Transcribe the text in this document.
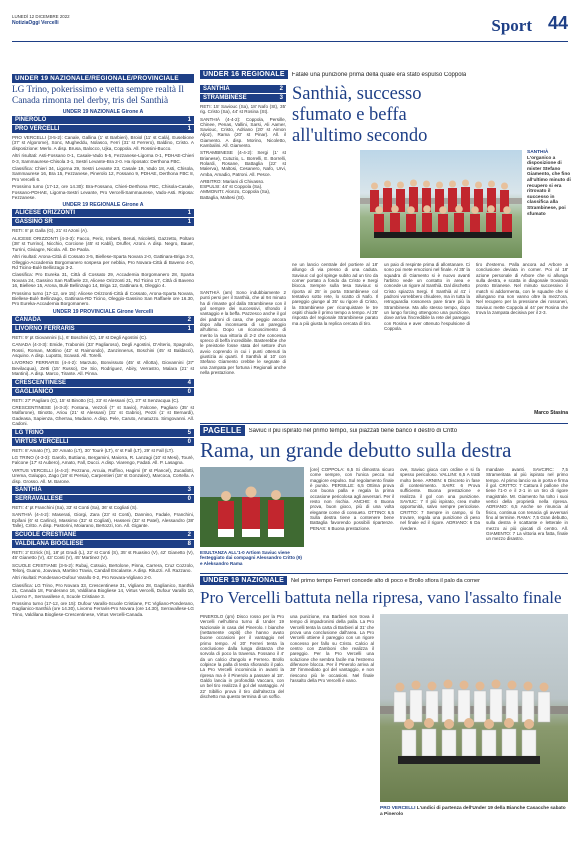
LUNEDÌ 12 DICEMBRE 2022
NotiziaOggi Vercelli	Sport 44
UNDER 19 NAZIONALE/REGIONALE/PROVINCIALE
LG Trino, pokerissimo e vetta sempre realtà Il Canada rimonta nel derby, tris del Santhià
UNDER 19 NAZIONALE Girone A
PINEROLO	1
PRO VERCELLI	1
PRO VERCELLI (3-5-2): Canale, Gallina (1' st Barbieri), Broiol (11' st Calà), Eusebione (37' st Algorome), Sonc, Mugheddu, Nolasco, Ferri (31' st Ferrero), Baldino, Cristo. A disposizione: Merlo. A disp. Brusa, Balocco, Ujka, Coppola. All. Rossini-Bucco.
Altri risultati: Asti-Fossano 0-1, Casale-Vado 5-5, Fezzanese-Ligorna 0-1, PDHAE-Chieri 0-3, Sammaurese-Chisola 3-1, Sestri Levante-Bra 2-0. Ha riposato: Derthona FBC.
Classifica: Chieri 34, Ligorna 29, Sestri Levante 23, Casale 19, Vado 18, Asti, Chisola, Sammaurese 16, Bra 15, Fezzanese, Pinerolo 12, Fossano 9, PDHAE, Derthona FBC 8, Pro Vercelli 6.
Prossimo turno (17-12, ore 14.30): Bra-Fossano, Chieri-Derthona FBC, Chisola-Casale, Fossano-PDHAE, Ligorna-Sestri Levante, Pro Vercelli-Sammaurese, Vado-Asti. Riposa: Fezzanese.
UNDER 19 REGIONALE Girone A
ALICESE ORIZZONTI	1
GASSINO SR	1
RETI: 8' pt Galla (G), 21' st Azoni (A).
ALICESE ORIZZONTI (4-3-3): Facco, Peric, Imberti, Beruti, Nicoletti, Gazzetto, Poltaro (38' st Turrino), Nicchio, Corcione (45' st Kabli), Druffer, Azoni. A disp. Negro, Bauer, Turrini, Giviagre, Nicola. All. De Paola.
Altri risultati: Arona-Città di Cossato 3-5, Biellese-Sparta Novara 2-0, Gattinara-Briga 3-3, Olleggio-Accademia Borgomanero sospesa per nebbia, Pro Novara-Città di Baveno 4-0, Rd Ticino-Bulè Bellinzago 3-2.
Classifica: Pro Eureka 31, Città di Cossato 29, Accademia Borgomanero 28, Sparta Novara 24, Gassino San Raffaele 23, Alicese Orizzonti 21, Rd Ticino 17, Città di Baveno 16, Biellese 15, Arona, Bulè Bellinzago 14, Briga 12, Gattinara 6, Oleggio 4.
Prossimo turno (17-12, ore 15): Alicese Orizzonti-Città di Cossato, Arona-Sparta Novara, Biellese-Bulè Bellinzago, Gattinara-RD Ticino, Oleggio-Gassino San Raffaele ore 16.30, Pro Eureka-Accademia Borgomanero.
UNDER 19 PROVINCIALE Girone Vercelli
CANADA	2
LIVORNO FERRARIS	1
RETI: 9' pt Giovannini (L), 6' Boschini (C), 19' st Degli Agostini (C).
CANADA (4-3-3): Emide, Trabonini (33' Pagliaroso), Degli Agostini, D'Alterio, Spagnolo, Rossi, Roman, Mottino (42' st Raimondo), Zanzinnerus, Boschini (45' st Baldacci), Asquino. A disp. Lupotto, Scavati. All. Torelli.
LIVORNO FERRARIS (4-4-2): Marzuto, Bonvissuto (45' st Allotta), Giovannini (37' Bevilacqua), Zetti (15' Russo), De Sio, Rodriguez, Abiry, Verrastro, Malara (21' st Mantini). A disp. Marco, Tirante. All. Pinna.
CRESCENTINESE	4
GAGLIANICO	0
RETI: 27' Pagliaro (C), 15' st Binotto (C), 23' st Alessani (C), 27' st Senzacqua (C).
CRESCENTINESE (4-3-3): Fontana, Vezzoli (7' st Savio), Falcone, Pagliaro (35' st Malfarone), Binotto, Ariou (21' st Alessani) (31' st Gabrio), Pezzi (1' st Bernardi), Gadeasa, Sapienza, Gherrau, Mudano. A disp. Pele, Caruto, Amatuzzo. Simgovanni. All. Cadoni.
LG TRINO	5
VIRTUS VERCELLI	0
RETI: 8' Amato (T), 20' Amato (LT), 30' Tourè (LT), 6' st Fall (LT), 29' st Fall (LT).
LG TRINO (4-3-3): Garofo, Buttiano, Bergamini, Maiorra, R. Lanzagi (10' st Mesi), Tourè, Falcone (17' st Aubero), Amato, Fall, Ducci. A disp. Viarengo, Fadati. All. P. Lasagna.
VIRTUS VERCELLI (4-4-2): Pezzano, Arcuia, Ruffino, Hagimi (8' st Plancel), Zucadotti, Urema, Galuppo, Zago (18' st Persia), Carpentieri (18' st Gonzalez), Marcoca, Cortella. A disp. Grosso. All. M. Barone.
SANTHIÀ	3
SERRAVALLESE	0
RETI: 4' pt Franchini (Sa), 33' st Conti (Sa), 36' st Cogliati (S).
SANTHIÀ (4-4-2): Maserati, Giorgi, Zara (23' st Conti), Dannino, Fadale, Franchini, Epifani (6' st Carlino), Massimo (32' st Cogliati), Hasseni (32' st Patel), Alessandro (38' Talle), Critto. A disp. Pastorini, Moiarano, Bertozzi, Ion. All. Gigante.
SCUOLE CRESTIANE	2
VALDILANA BIOGLIESE	8
RETI: 2' Ezrick (S), 18' pt Gradi (L), 22' st Conti (S), 35' st Ruasino (V), 42' Gianetto (V), 45' Gianetto (V), 43' Conti (V), 45' Martinez (V).
SCUOLE CRISTIANE (3-5-2): Rubaj, Cotsuio, Bertolone, Pinna, Carrera, Cruz Cozzolo, Telonj, Guano, Jouvava, Martino Travia, Candall Escalante. A disp. Rituzzi. All. Razzano.
Altri risultati: Ponderano-Dufour Varallo 0-2, Pro Novara-Vigliano 2-0.
Classifica: LG Trino, Pro Novara 33, Crescentinese 31, Vigliano 28, Gaglianico, Santhià 21, Canada 18, Ponderano 16, Valdilana Biogliese 14, Virtus Vercelli, Dufour Varallo 10, Livorno F., Serravallese 4, Scuole Cristiane 3.
Prossimo turno (17-12, ore 15): Dufour Varallo-Scuole Cristiane, FC Vigliano-Ponderano, Gaglianico-Santhià (ore 14.30), Livorno Ferraris-Pro Novara (ore 14.30), Serravallese-LG Trino, Valdilana Biogliese-Crescentinese, Virtus Vercelli-Canada.
UNDER 16 REGIONALE	Fatale una punizione prima della quale era stato espulso Coppola
SANTHIÀ	2
STRAMBINESE	3
RETI: 15' Saviouc (Sa), 18' Nafo (St), 35' rig. Cristo (Sa), 44' st Rosina (St).
SANTHIÀ (4-4-2): Coppola, Persille, Chinee, Penas, Vallini, Sarsi, Ali Aamer, Saviouc, Cristo, Adriano (20' st Aimon Aljoz), Rama (20' st Pinar). All. il Giamento. A disp. Morino, Nicoletto, Kambalini. All. Giamento.
STRAMBINESE (4-4-2): Sergi (1' st Brianese), Cutuzio, L. Borrelli, E. Borrelli, Rolardi, Rosane, Battaglia (22' st Malerva), Maltosi, Cesanero, Nafo, Urvi, Amba, Amadio, Patroni. All. Pesce.
ARBITRO: Mariani di Chivasso.
ESPULSI: 44' st Coppola (Sa).
AMMONITI: Alonzo, Coppola (Sa), Battaglia, Maltesi (St).
Santhià, successo sfumato e beffa all'ultimo secondo
SANTHIÀ
L'organico a disposizione di mister Stefano Giamento, che fino all'ultimo minuto di recupero si era ritrovato il successo in classifica alla Strambinese, poi sfumato
SANTHIÀ (am) Sono indubbiamente 2 punti persi per il Santhià, che al 94 minuto ha di rimaste gol dalla Strambinese con il gol sempre dei successivi, sfrondo il vantaggio e la beffa. Pazzesco anche il gol dei padroni di casa, che peggio ancora dopo alla inconsueta di un pareggio all'ultimo. Dopo un riconoscimento di merito la sua vittoria di 2-2 che concessa spreco di beffa incredibile. Basterebbe che le preistorie fosse stata del settore d'un avvio coprendo in cui i punti ottenuti la giustizia ai quarti. Il Santhià al 10' con Stefano Giamento crebbe le segnate di una zampata per fortuna i Regionali anche nella prestazione.
ne un lancio centrale del portiere al 18' allungo di via presso di una caduta. Saviouc col gol spinge subito ad un tiro da corner portato a fondo da Cristo e Sergi blocca. Sempre sulla tesa Saviouc si riporta al 25' in porta Strambinese col tentativo sotto rete, lo scatto di Nafo. Il pareggio giunge al 35' su rigore di Cristo, la Strambinese per riconquistare le tre ospiti chiude il primo tempo a tempo. Al 25' risposta del regionale Strambinese parato ma a più giusta la replica cercata di tiro.
un paio di respinte prima di allontanare. Ci sono poi mete emozioni nel finale. Al 35' la squadra di Giamento si è nuovo avanti l'arbitro vede un contatto in area e concede un rigore al Santhià. Dal dischetto Cristo spiazza Sergi. Il Santhià al 41' i padroni vorrebbero chiudere, ma in tutta la retroguardia rossonera pare tirare più la Strambinese. Ma allo stesso tempo, dopo un lungo forcing ottengono una punizione, dove arriva l'incredibile la rete del pareggio con Rosina e aver ottenuto l'espulsione di Coppola.
tiro d'esterno. Palla ancora ad Arbore a conclusione deviata in corner. Poi al 18' azione personale di Arbore che si allunga sulla destra, e scatta in diagonale trovando pronto Brianese. Nel minuto successivo il match si addormenta, con le squadre che si allungano ma non vanno oltre la mezz'ora. Nel recupero per la pressione dei rossoneri, Saviouc mette Coppola al 44' per Rosina che trova la zampata decisiva per il 2-3.
Marco Stasina
PAGELLE	Saviuc il più ispirato nel primo tempo, sui piazzati tiene banco il destro di Critto
Rama, un grande debutto sulla destra
ESULTANZA ALL'1-0 Artiom Saviuc viene festeggiato dai compagni Alessandro Critto (9) e Aleksandro Rama
[ore] COPPOLA: 6,5 Si dimostra sicuro come sempre, con l'unica pecca sul maggiore espulso. Sul regolamento finale è punito. PERSILLE: 6,5 Ottima prova con buona palla e regala la prima occasione pericolosa agli avversari. Per il resto non rischia. ANCHE: 6 Buona prova, buon gioco, più di una volta elegante come di consueto. OTTINO: 6,5 Sulla destra tiene a contenere bene Battaglia favorendo possibili ripartenze. PENAS: 6 Buona prestazione.
ove, Saviuc gioca con ordine e si fa spesso pericoloso. VALLINI: 6,5 A tratti molto bene. ARNIIN: 6 Discreto in fase di contenimento. SAIRI: 6 Prova sufficiente. Buona prestazione e realizza il gol con una punizione. SAVIUC: 7 Il più ispirato, crea molte opportunità, salvo sempre pericolose. CRITTO: 7 Sempre in campo, si fa trovare, regala una punizione di peso nel finale ed il rigore. ADRIANO: 6 Da rivedere.
mandare avanti. SAVCIRC: 7,5 Strameritata al più ispirato nel primo tempo. Al primo lancio va in porta e firma il gol. CRITTO: 7 Cattura il pallone che tiene l'1-0 e il 2-1 in un tiro di rigore magistrale. Mr. Giamento ha tolto i suoi vertici della proprietà nella ripresa. ADRIANO: 6,5 Anche se rinuncia al fisico, continua con tenacia gli avversari fino al termine. RAMA: 7,5 Gran debutto, sulla destra è scattante e letterale in mezzo ai più giocati di centro. All. GIAMENTO: 7 La vittoria era fatta, finale un mezzo disastro.
UNDER 19 NAZIONALE	Nel primo tempo Ferreri concede alto di poco e Brollo sfiora il palo da corner
Pro Vercelli battuta nella ripresa, vano l'assalto finale
PINEROLO (qm) Disco rosso per la Pro Vercelli nell'ultimo turno di Under 19 Nazionale in casa del Pinerolo. I bianche (nettamente ospiti) che hanno avuto buone occasioni per il vantaggio nel primo tempo. Al 20' Ferreri tenta la conclusione dalla lunga distanza che sorvola di poco la traversa. Fossano il 4' da un calcio d'angolo e Ferrero. Brollo colpisce la palla di testa sfiorando il palo. La Pro Vercelli incomincia in avanti la ripresa ma è il Pinerolo a passare al 18'. Galdo lancia in profondità Vaccaro, con un bel tiro realizza il gol del vantaggio. Al 22' Sibillio prova il tiro dall'altezza del dischetto ma questo termina di un soffio.
una punizione, ma Barbieri non trova il tempo di impadronirsi della palla. La Pro Vercelli tenta la carta di Barbieri al 31' che prova una conclusione dall'area. La Pro Vercelli ottiene il pareggio con un rigore concesso per fallo su Cristo. Calcio al centro con Zamboni che realizza il pareggio. Per la Pro Vercelli una soluzione che sembra facile ma l'estremo difensore blocca. Per il Pinerolo arriva al 38' l'immediato gol del vantaggio, e non riescono più le occasioni. Nel finale l'assalto della Pro Vercelli è vano.
PRO VERCELLI L'undici di partenza dell'Under 19 della Bianche Casacche sabato a Pinerolo
